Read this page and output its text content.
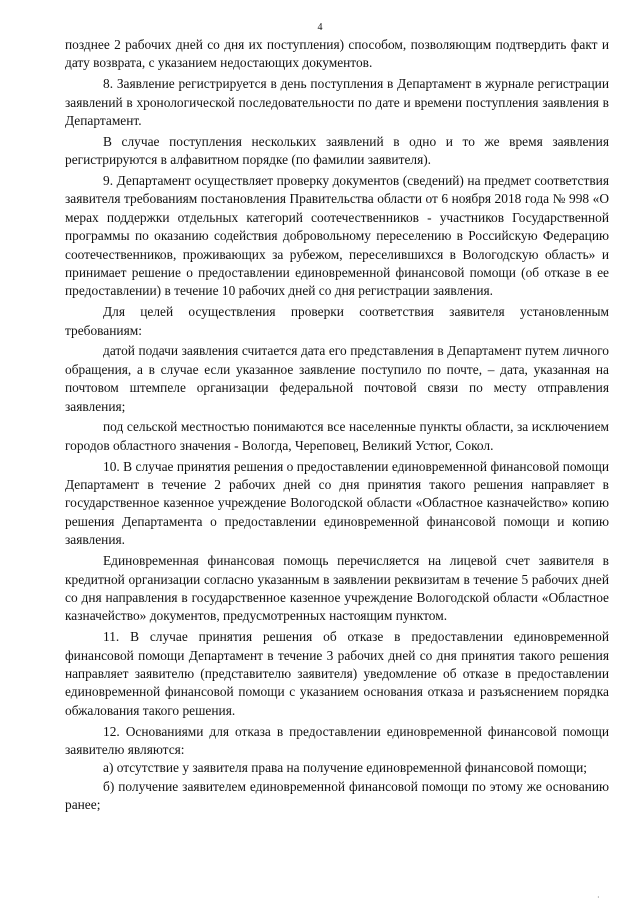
4

позднее 2 рабочих дней со дня их поступления) способом, позволяющим подтвердить факт и дату возврата, с указанием недостающих документов.

8. Заявление регистрируется в день поступления в Департамент в журнале регистрации заявлений в хронологической последовательности по дате и времени поступления заявления в Департамент.

В случае поступления нескольких заявлений в одно и то же время заявления регистрируются в алфавитном порядке (по фамилии заявителя).

9. Департамент осуществляет проверку документов (сведений) на предмет соответствия заявителя требованиям постановления Правительства области от 6 ноября 2018 года № 998 «О мерах поддержки отдельных категорий соотечественников - участников Государственной программы по оказанию содействия добровольному переселению в Российскую Федерацию соотечественников, проживающих за рубежом, переселившихся в Вологодскую область» и принимает решение о предоставлении единовременной финансовой помощи (об отказе в ее предоставлении) в течение 10 рабочих дней со дня регистрации заявления.

Для целей осуществления проверки соответствия заявителя установленным требованиям:

датой подачи заявления считается дата его представления в Департамент путем личного обращения, а в случае если указанное заявление поступило по почте, – дата, указанная на почтовом штемпеле организации федеральной почтовой связи по месту отправления заявления;

под сельской местностью понимаются все населенные пункты области, за исключением городов областного значения - Вологда, Череповец, Великий Устюг, Сокол.

10. В случае принятия решения о предоставлении единовременной финансовой помощи Департамент в течение 2 рабочих дней со дня принятия такого решения направляет в государственное казенное учреждение Вологодской области «Областное казначейство» копию решения Департамента о предоставлении единовременной финансовой помощи и копию заявления.

Единовременная финансовая помощь перечисляется на лицевой счет заявителя в кредитной организации согласно указанным в заявлении реквизитам в течение 5 рабочих дней со дня направления в государственное казенное учреждение Вологодской области «Областное казначейство» документов, предусмотренных настоящим пунктом.

11. В случае принятия решения об отказе в предоставлении единовременной финансовой помощи Департамент в течение 3 рабочих дней со дня принятия такого решения направляет заявителю (представителю заявителя) уведомление об отказе в предоставлении единовременной финансовой помощи с указанием основания отказа и разъяснением порядка обжалования такого решения.

12. Основаниями для отказа в предоставлении единовременной финансовой помощи заявителю являются:

а) отсутствие у заявителя права на получение единовременной финансовой помощи;

б) получение заявителем единовременной финансовой помощи по этому же основанию ранее;

·
